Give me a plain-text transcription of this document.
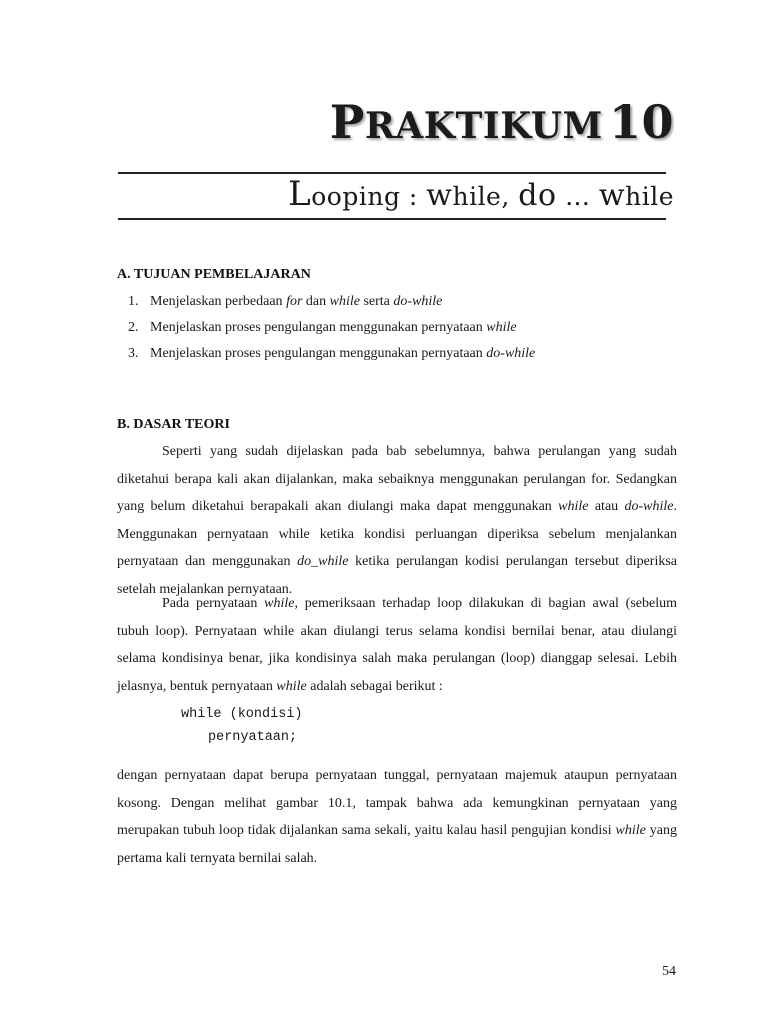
PRAKTIKUM 10
Looping : while, do … while
A. TUJUAN PEMBELAJARAN
1. Menjelaskan perbedaan for dan while serta do-while
2. Menjelaskan proses pengulangan menggunakan pernyataan while
3. Menjelaskan proses pengulangan menggunakan pernyataan do-while
B. DASAR TEORI

Seperti yang sudah dijelaskan pada bab sebelumnya, bahwa perulangan yang sudah diketahui berapa kali akan dijalankan, maka sebaiknya menggunakan perulangan for. Sedangkan yang belum diketahui berapakali akan diulangi maka dapat menggunakan while atau do-while. Menggunakan pernyataan while ketika kondisi perluangan diperiksa sebelum menjalankan pernyataan dan menggunakan do_while ketika perulangan kodisi perulangan tersebut diperiksa setelah mejalankan pernyataan.

Pada pernyataan while, pemeriksaan terhadap loop dilakukan di bagian awal (sebelum tubuh loop). Pernyataan while akan diulangi terus selama kondisi bernilai benar, atau diulangi selama kondisinya benar, jika kondisinya salah maka perulangan (loop) dianggap selesai. Lebih jelasnya, bentuk pernyataan while adalah sebagai berikut :

while (kondisi)
pernyataan;

dengan pernyataan dapat berupa pernyataan tunggal, pernyataan majemuk ataupun pernyataan kosong. Dengan melihat gambar 10.1, tampak bahwa ada kemungkinan pernyataan yang merupakan tubuh loop tidak dijalankan sama sekali, yaitu kalau hasil pengujian kondisi while yang pertama kali ternyata bernilai salah.

54
